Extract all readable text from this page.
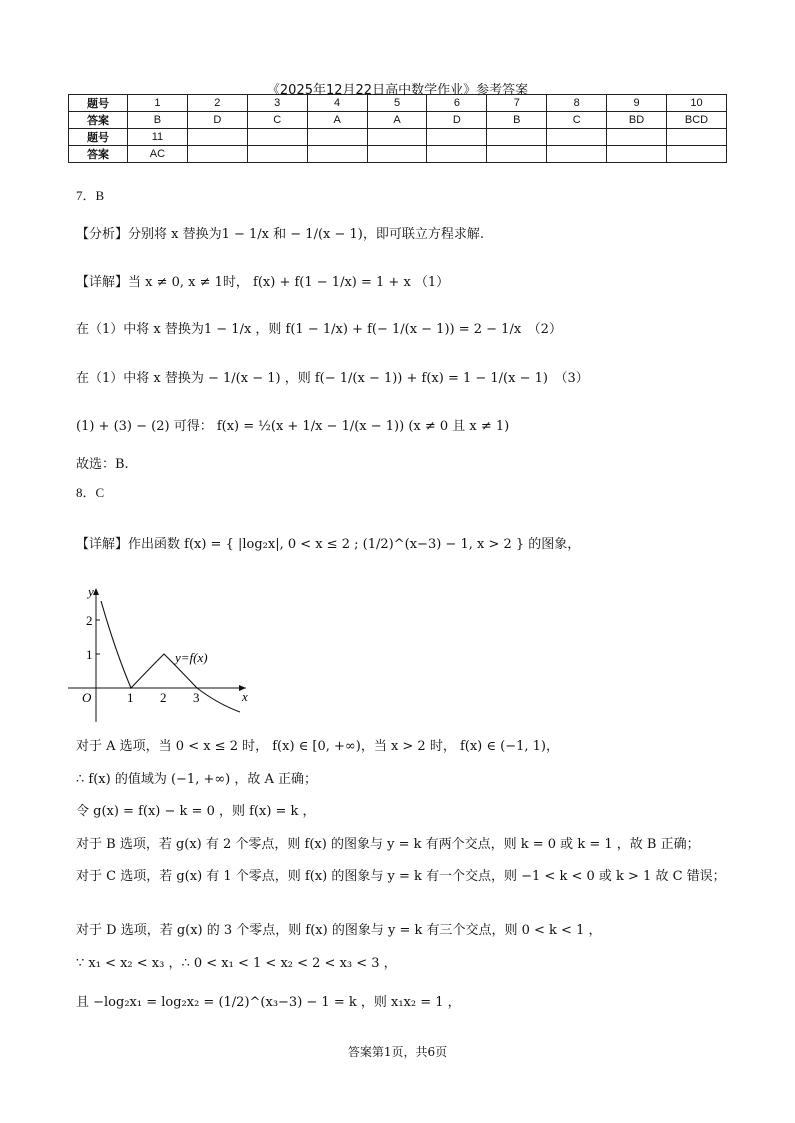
《2025年12月22日高中数学作业》参考答案
题号	1	2	3	4	5	6	7	8	9	10
答案	B	D	C	A	A	D	B	C	BD	BCD
题号	11									
答案	AC									
7．B
【分析】分别将 x 替换为1 − 1/x 和 − 1/(x − 1)，即可联立方程求解.
【详解】当 x ≠ 0, x ≠ 1时， f(x) + f(1 − 1/x) = 1 + x （1）
在（1）中将 x 替换为1 − 1/x ，则 f(1 − 1/x) + f(− 1/(x − 1)) = 2 − 1/x　（2）
在（1）中将 x 替换为 − 1/(x − 1) ，则 f(− 1/(x − 1)) + f(x) = 1 − 1/(x − 1)　（3）
(1) + (3) − (2) 可得： f(x) = ½(x + 1/x − 1/(x − 1)) (x ≠ 0 且 x ≠ 1)
故选：B.
8．C
【详解】作出函数 f(x) = { |log₂x|, 0 < x ≤ 2 ; (1/2)^(x−3) − 1, x > 2 } 的图象，
y
x
O
2
1
1 2 3
y=f(x)
对于 A 选项，当 0 < x ≤ 2 时， f(x) ∈ [0, +∞)，当 x > 2 时， f(x) ∈ (−1, 1)，
∴ f(x) 的值域为 (−1, +∞) ，故 A 正确；
令 g(x) = f(x) − k = 0 ，则 f(x) = k ，
对于 B 选项，若 g(x) 有 2 个零点，则 f(x) 的图象与 y = k 有两个交点，则 k = 0 或 k = 1 ，故 B 正确；
对于 C 选项，若 g(x) 有 1 个零点，则 f(x) 的图象与 y = k 有一个交点，则 −1 < k < 0 或 k > 1 故 C 错误；
对于 D 选项，若 g(x) 的 3 个零点，则 f(x) 的图象与 y = k 有三个交点，则 0 < k < 1 ，
∵ x₁ < x₂ < x₃ ，∴ 0 < x₁ < 1 < x₂ < 2 < x₃ < 3 ，
且 −log₂x₁ = log₂x₂ = (1/2)^(x₃−3) − 1 = k ，则 x₁x₂ = 1 ，
答案第1页，共6页
